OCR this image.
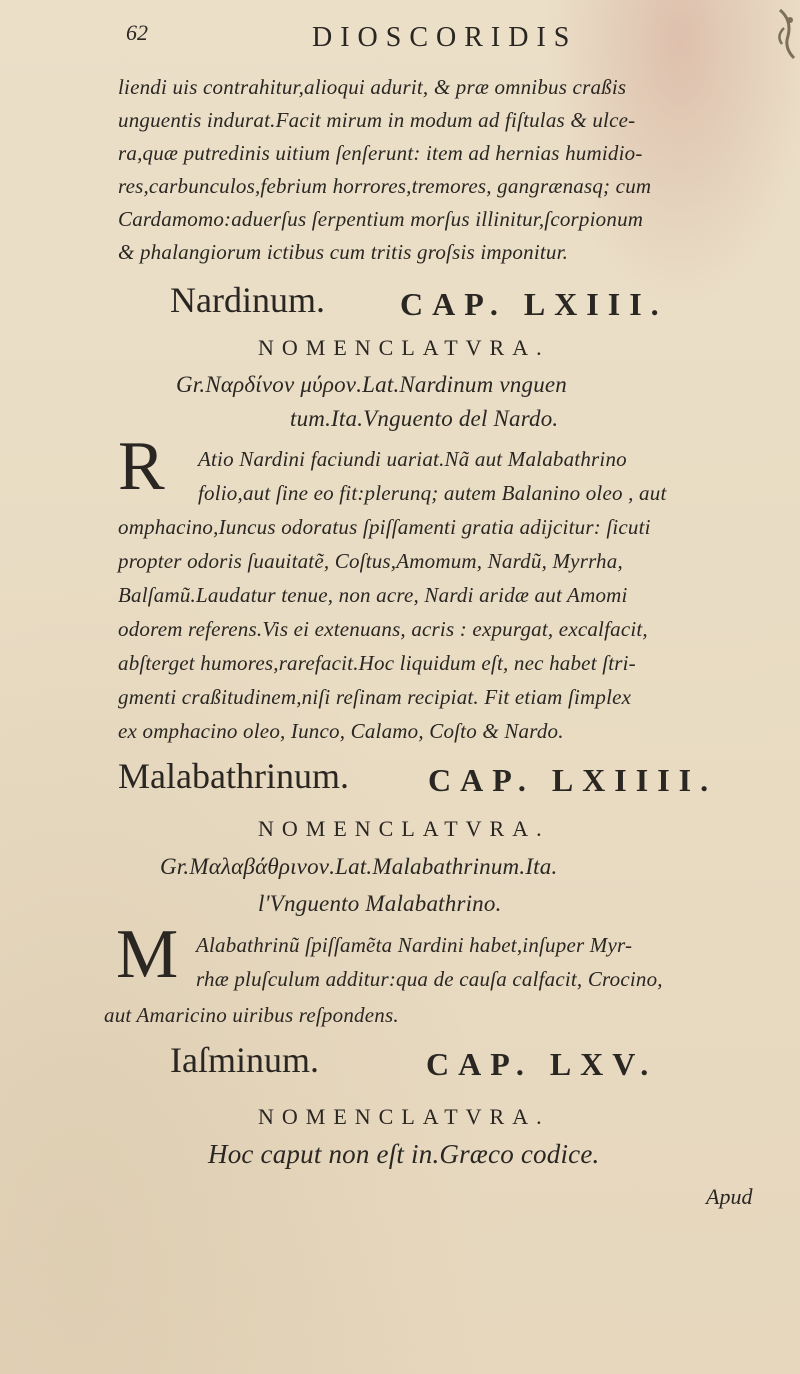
62	DIOSCORIDIS
liendi uis contrahitur,alioqui adurit, & præ omnibus craßis
unguentis indurat.Facit mirum in modum ad fiſtulas & ulce-
ra,quæ putredinis uitium ſenſerunt: item ad hernias humidio-
res,carbunculos,febrium horrores,tremores, gangrænasq; cum
Cardamomo:aduerſus ſerpentium morſus illinitur,ſcorpionum
& phalangiorum ictibus cum tritis groſsis imponitur.
Nardinum. CAP. LXIII.
NOMENCLATVRA.
Gr.Ναρδίνον μύρον.Lat.Nardinum vnguen
tum.Ita.Vnguento del Nardo.
R Atio Nardini faciundi uariat.Nã aut Malabathrino
folio,aut ſine eo fit:plerunq; autem Balanino oleo , aut
omphacino,Iuncus odoratus ſpiſſamenti gratia adijcitur: ſicuti
propter odoris ſuauitatẽ, Coſtus,Amomum, Nardũ, Myrrha,
Balſamũ.Laudatur tenue, non acre, Nardi aridæ aut Amomi
odorem referens.Vis ei extenuans, acris : expurgat, excalfacit,
abſterget humores,rarefacit.Hoc liquidum eſt, nec habet ſtri-
gmenti craßitudinem,niſi reſinam recipiat. Fit etiam ſimplex
ex omphacino oleo, Iunco, Calamo, Coſto & Nardo.
Malabathrinum. CAP. LXIIII.
NOMENCLATVRA.
Gr.Μαλαβάθρινον.Lat.Malabathrinum.Ita.
l'Vnguento Malabathrino.
M Alabathrinũ ſpiſſamẽta Nardini habet,inſuper Myr-
rhæ pluſculum additur:qua de cauſa calfacit, Crocino,
aut Amaricino uiribus reſpondens.
Iaſminum.	CAP. LXV.
NOMENCLATVRA.
Hoc caput non eſt in.Græco codice.
Apud
